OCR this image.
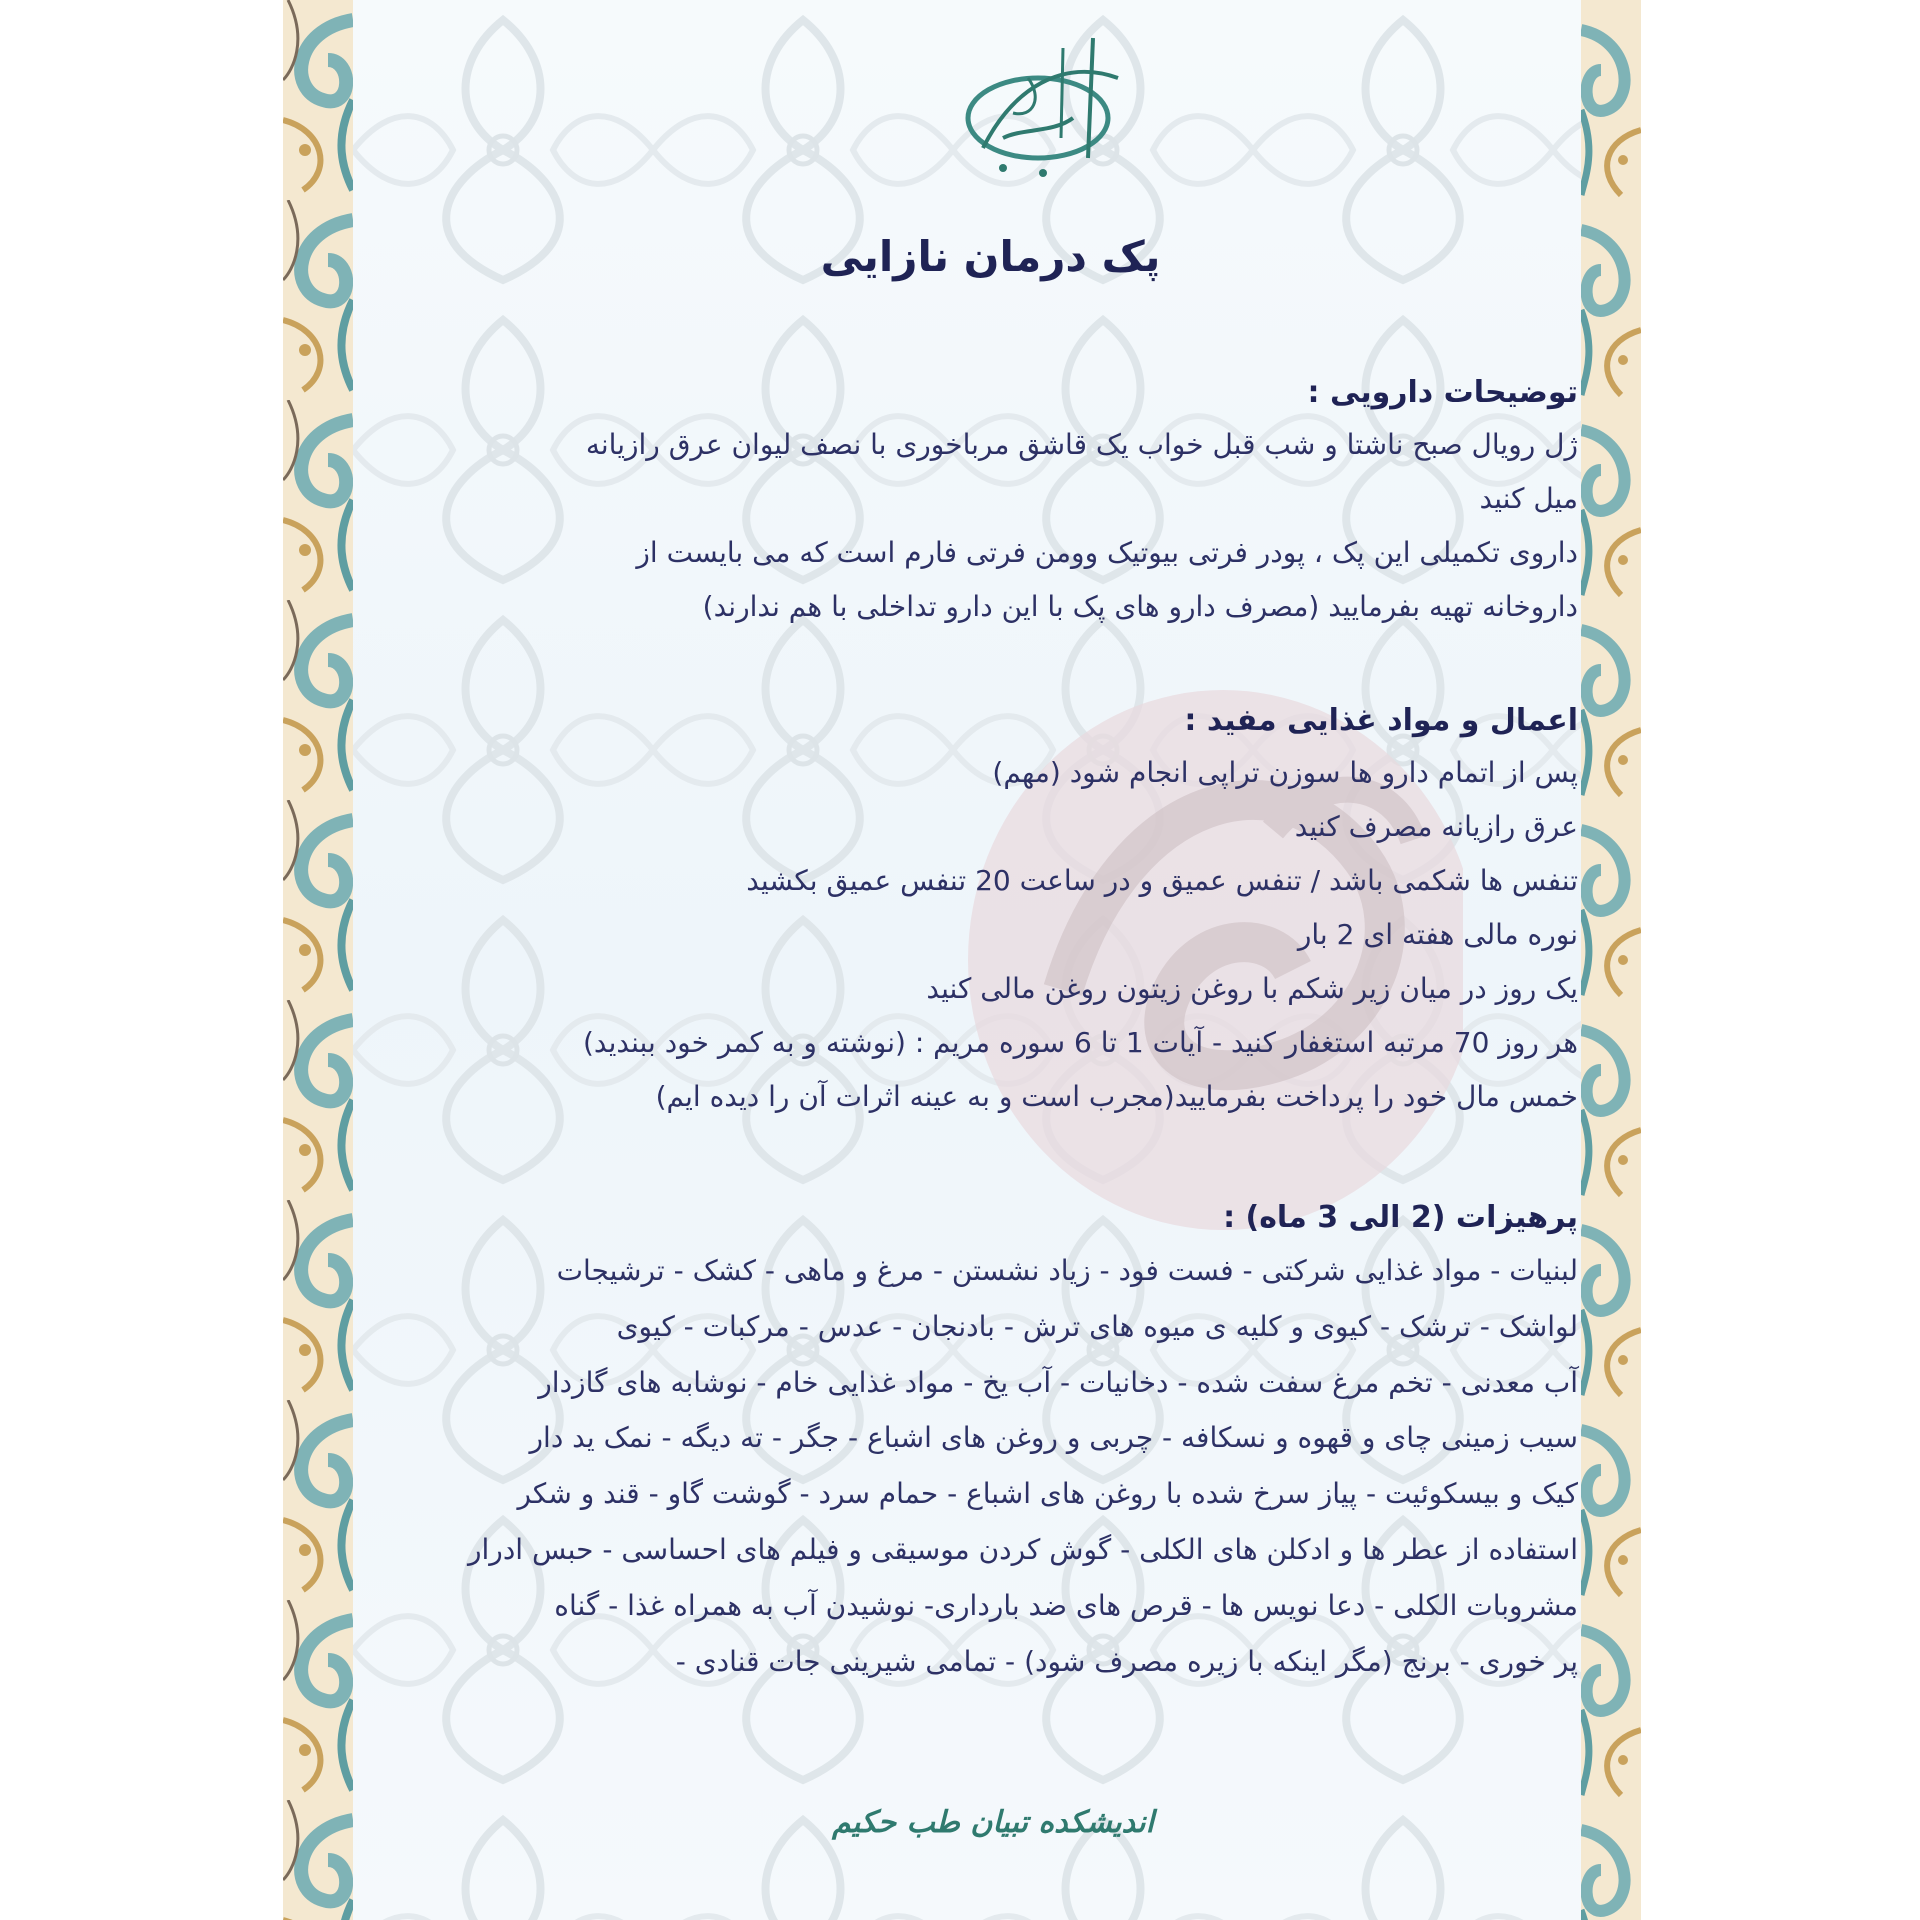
پک درمان نازایی

توضیحات دارویی :

ژل رویال صبح ناشتا و شب قبل خواب یک قاشق مرباخوری با نصف لیوان عرق رازیانه

میل کنید

داروی تکمیلی این پک ، پودر فرتی بیوتیک وومن فرتی فارم است که می بایست از

داروخانه تهیه بفرمایید (مصرف دارو های پک با این دارو تداخلی با هم ندارند)

اعمال و مواد غذایی مفید :

پس از اتمام دارو ها سوزن تراپی انجام شود (مهم)

عرق رازیانه مصرف کنید

تنفس ها شکمی باشد / تنفس عمیق و در ساعت 20 تنفس عمیق بکشید

نوره مالی هفته ای 2 بار

یک روز در میان زیر شکم با روغن زیتون روغن مالی کنید

هر روز 70 مرتبه استغفار کنید - آیات 1 تا 6 سوره مریم : (نوشته و به کمر خود ببندید)

خمس مال خود را پرداخت بفرمایید(مجرب است و به عینه اثرات آن را دیده ایم)

پرهیزات (2 الی 3 ماه) :

لبنیات - مواد غذایی شرکتی - فست فود - زیاد نشستن - مرغ و ماهی - کشک - ترشیجات

لواشک - ترشک - کیوی و کلیه ی میوه های ترش - بادنجان - عدس - مرکبات - کیوی

آب معدنی - تخم مرغ سفت شده - دخانیات - آب یخ - مواد غذایی خام - نوشابه های گازدار

سیب زمینی چای و قهوه و نسکافه - چربی و روغن های اشباع - جگر - ته دیگه - نمک ید دار

کیک و بیسکوئیت - پیاز سرخ شده با روغن های اشباع - حمام سرد - گوشت گاو - قند و شکر

استفاده از عطر ها و ادکلن های الکلی - گوش کردن موسیقی و فیلم های احساسی - حبس ادرار

مشروبات الکلی - دعا نویس ها - قرص های ضد بارداری- نوشیدن آب به همراه غذا - گناه

پر خوری - برنج (مگر اینکه با زیره مصرف شود) - تمامی شیرینی جات قنادی -

اندیشکده تبیان طب حکیم
